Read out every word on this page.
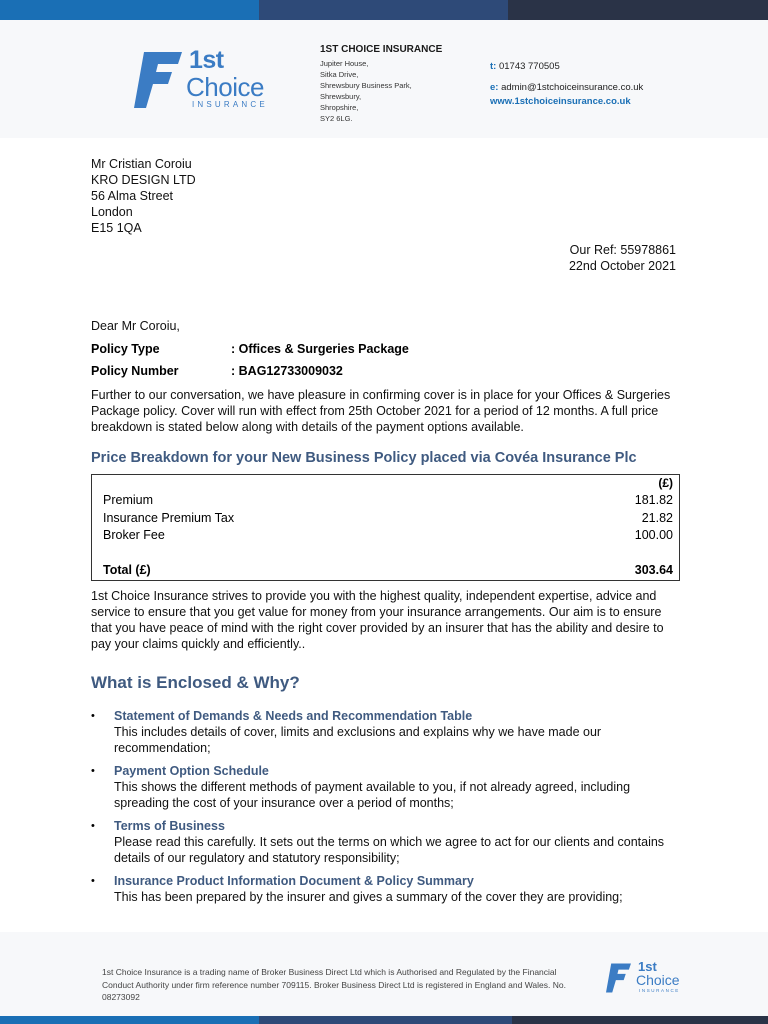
1st
Choice
INSURANCE
1ST CHOICE INSURANCE
Jupiter House,
Sitka Drive,
Shrewsbury Business Park,
Shrewsbury,
Shropshire,
SY2 6LG.
t: 01743 770505
e: admin@1stchoiceinsurance.co.uk
www.1stchoiceinsurance.co.uk
Mr Cristian Coroiu
KRO DESIGN LTD
56 Alma Street
London
E15 1QA
Our Ref: 55978861
22nd October 2021
Dear Mr Coroiu,
Policy Type	: Offices & Surgeries Package
Policy Number	: BAG12733009032
Further to our conversation, we have pleasure in confirming cover is in place for your Offices & Surgeries Package policy. Cover will run with effect from 25th October 2021 for a period of 12 months. A full price breakdown is stated below along with details of the payment options available.
Price Breakdown for your New Business Policy placed via Covéa Insurance Plc
(£)
Premium	181.82
Insurance Premium Tax	21.82
Broker Fee	100.00
Total (£)	303.64
1st Choice Insurance strives to provide you with the highest quality, independent expertise, advice and service to ensure that you get value for money from your insurance arrangements. Our aim is to ensure that you have peace of mind with the right cover provided by an insurer that has the ability and desire to pay your claims quickly and efficiently..
What is Enclosed & Why?
• Statement of Demands & Needs and Recommendation Table
This includes details of cover, limits and exclusions and explains why we have made our recommendation;
• Payment Option Schedule
This shows the different methods of payment available to you, if not already agreed, including spreading the cost of your insurance over a period of months;
• Terms of Business
Please read this carefully. It sets out the terms on which we agree to act for our clients and contains details of our regulatory and statutory responsibility;
• Insurance Product Information Document & Policy Summary
This has been prepared by the insurer and gives a summary of the cover they are providing;
1st Choice Insurance is a trading name of Broker Business Direct Ltd which is Authorised and Regulated by the Financial Conduct Authority under firm reference number 709115. Broker Business Direct Ltd is registered in England and Wales. No. 08273092
1st
Choice
INSURANCE
